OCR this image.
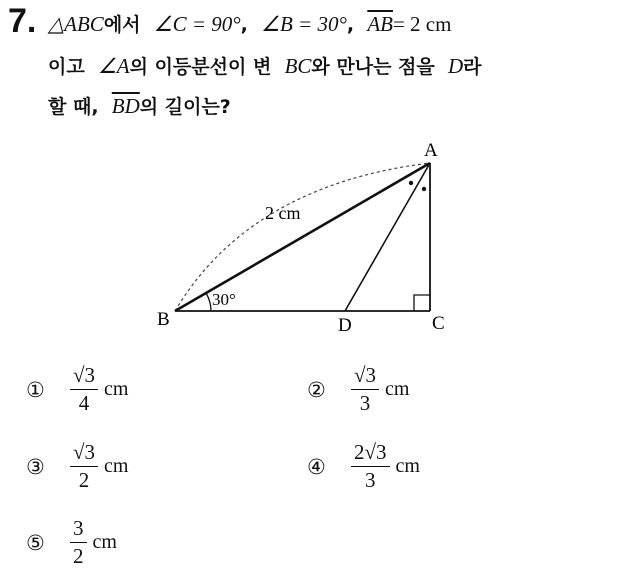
7. △ABC에서 ∠C = 90°, ∠B = 30°, $\overline{AB}= 2$ cm
이고 ∠A의 이등분선이 변 BC와 만나는 점을 D라
할 때, $\overline{BD}$의 길이는?
A
B	C
D
2 cm
30°
①	$\frac{√3}{4}$ cm	②	$\frac{√3}{3}$ cm
③	$\frac{√3}{2}$ cm	④	$\frac{2√3}{3}$ cm
⑤	$\frac{3}{2}$ cm
